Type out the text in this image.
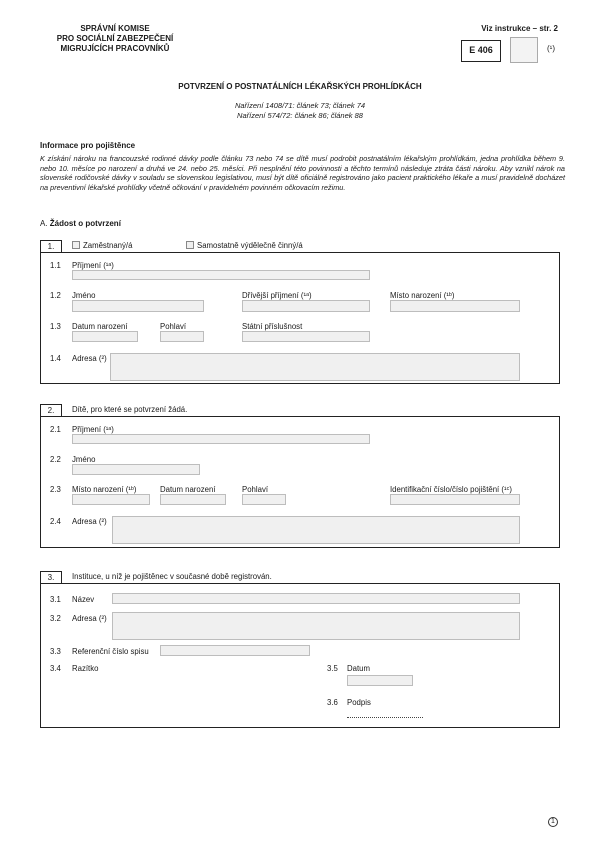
SPRÁVNÍ KOMISE
PRO SOCIÁLNÍ ZABEZPEČENÍ
MIGRUJÍCÍCH PRACOVNÍKŮ
Viz instrukce – str. 2
E 406	(¹)
POTVRZENÍ O POSTNATÁLNÍCH LÉKAŘSKÝCH PROHLÍDKÁCH
Nařízení 1408/71: článek 73; článek 74
Nařízení 574/72: článek 86; článek 88
Informace pro pojištěnce
K získání nároku na francouzské rodinné dávky podle článku 73 nebo 74 se dítě musí podrobit postnatálním lékařským prohlídkám, jedna prohlídka během 9. nebo 10. měsíce po narození a druhá ve 24. nebo 25. měsíci. Při nesplnění této povinnosti a těchto termínů následuje ztráta části nároku. Aby vznikl nárok na slovenské rodičovské dávky v souladu se slovenskou legislativou, musí být dítě oficiálně registrováno jako pacient praktického lékaře a musí pravidelně docházet na preventivní lékařské prohlídky včetně očkování v pravidelném povinném očkovacím režimu.
A. Žádost o potvrzení
1.	Zaměstnaný/á	Samostatně výdělečně činný/á
1.1 Příjmení (¹ᵃ)
1.2 Jméno	Dřívější příjmení (¹ᵃ)	Místo narození (¹ᵇ)
1.3 Datum narození	Pohlaví	Státní příslušnost
1.4 Adresa (²)
2.	Dítě, pro které se potvrzení žádá.
2.1 Příjmení (¹ᵃ)
2.2 Jméno
2.3 Místo narození (¹ᵇ)	Datum narození	Pohlaví	Identifikační číslo/číslo pojištění (¹ᶜ)
2.4 Adresa (²)
3.	Instituce, u níž je pojištěnec v současné době registrován.
3.1 Název
3.2 Adresa (²)
3.3 Referenční číslo spisu
3.4 Razítko	3.5 Datum
3.6 Podpis
1
